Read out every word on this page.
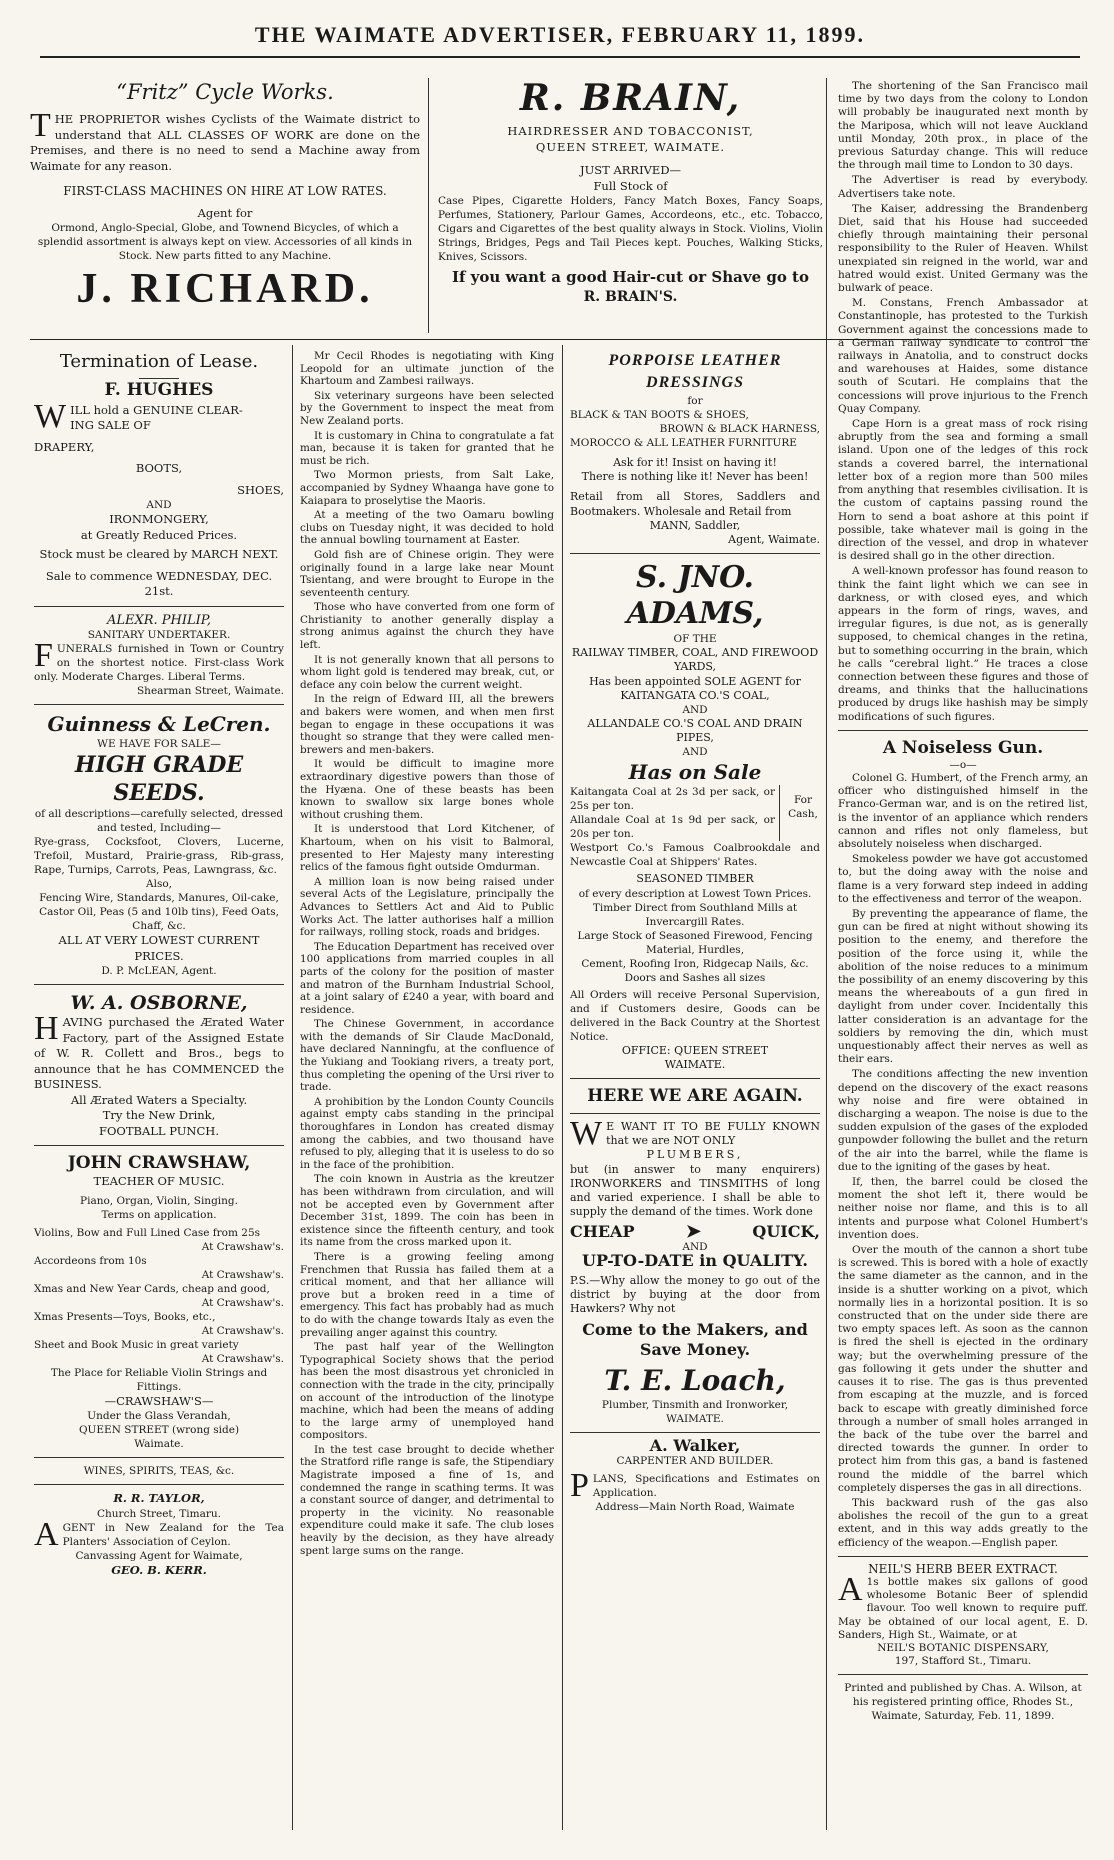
THE WAIMATE ADVERTISER, FEBRUARY 11, 1899.
“Fritz” Cycle Works.
THE PROPRIETOR wishes Cyclists of the Waimate district to understand that ALL CLASSES OF WORK are done on the Premises, and there is no need to send a Machine away from Waimate for any reason.
FIRST-CLASS MACHINES ON HIRE AT LOW RATES.
Agent for
Ormond, Anglo-Special, Globe, and Townend Bicycles, of which a splendid assortment is always kept on view. Accessories of all kinds in Stock. New parts fitted to any Machine.
J. RICHARD.
R. BRAIN,
HAIRDRESSER AND TOBACCONIST,
QUEEN STREET, WAIMATE.
JUST ARRIVED—
Full Stock of
Case Pipes, Cigarette Holders, Fancy Match Boxes, Fancy Soaps, Perfumes, Stationery, Parlour Games, Accordeons, etc., etc. Tobacco, Cigars and Cigarettes of the best quality always in Stock. Violins, Violin Strings, Bridges, Pegs and Tail Pieces kept. Pouches, Walking Sticks, Knives, Scissors.
If you want a good Hair-cut or Shave go to
R. BRAIN'S.

The shortening of the San Francisco mail time by two days from the colony to London will probably be inaugurated next month by the Mariposa, which will not leave Auckland until Monday, 20th prox., in place of the previous Saturday change. This will reduce the through mail time to London to 30 days.

The Advertiser is read by everybody. Advertisers take note.

The Kaiser, addressing the Brandenberg Diet, said that his House had succeeded chiefly through maintaining their personal responsibility to the Ruler of Heaven. Whilst unexpiated sin reigned in the world, war and hatred would exist. United Germany was the bulwark of peace.

M. Constans, French Ambassador at Constantinople, has protested to the Turkish Government against the concessions made to a German railway syndicate to control the railways in Anatolia, and to construct docks and warehouses at Haides, some distance south of Scutari. He complains that the concessions will prove injurious to the French Quay Company.

Cape Horn is a great mass of rock rising abruptly from the sea and forming a small island. Upon one of the ledges of this rock stands a covered barrel, the international letter box of a region more than 500 miles from anything that resembles civilisation. It is the custom of captains passing round the Horn to send a boat ashore at this point if possible, take whatever mail is going in the direction of the vessel, and drop in whatever is desired shall go in the other direction.

A well-known professor has found reason to think the faint light which we can see in darkness, or with closed eyes, and which appears in the form of rings, waves, and irregular figures, is due not, as is generally supposed, to chemical changes in the retina, but to something occurring in the brain, which he calls “cerebral light.” He traces a close connection between these figures and those of dreams, and thinks that the hallucinations produced by drugs like hashish may be simply modifications of such figures.

A Noiseless Gun.
—o—

Colonel G. Humbert, of the French army, an officer who distinguished himself in the Franco-German war, and is on the retired list, is the inventor of an appliance which renders cannon and rifles not only flameless, but absolutely noiseless when discharged.

Smokeless powder we have got accustomed to, but the doing away with the noise and flame is a very forward step indeed in adding to the effectiveness and terror of the weapon.

By preventing the appearance of flame, the gun can be fired at night without showing its position to the enemy, and therefore the position of the force using it, while the abolition of the noise reduces to a minimum the possibility of an enemy discovering by this means the whereabouts of a gun fired in daylight from under cover. Incidentally this latter consideration is an advantage for the soldiers by removing the din, which must unquestionably affect their nerves as well as their ears.

The conditions affecting the new invention depend on the discovery of the exact reasons why noise and fire were obtained in discharging a weapon. The noise is due to the sudden expulsion of the gases of the exploded gunpowder following the bullet and the return of the air into the barrel, while the flame is due to the igniting of the gases by heat.

If, then, the barrel could be closed the moment the shot left it, there would be neither noise nor flame, and this is to all intents and purpose what Colonel Humbert's invention does.

Over the mouth of the cannon a short tube is screwed. This is bored with a hole of exactly the same diameter as the cannon, and in the inside is a shutter working on a pivot, which normally lies in a horizontal position. It is so constructed that on the under side there are two empty spaces left. As soon as the cannon is fired the shell is ejected in the ordinary way; but the overwhelming pressure of the gas following it gets under the shutter and causes it to rise. The gas is thus prevented from escaping at the muzzle, and is forced back to escape with greatly diminished force through a number of small holes arranged in the back of the tube over the barrel and directed towards the gunner. In order to protect him from this gas, a band is fastened round the middle of the barrel which completely disperses the gas in all directions.

This backward rush of the gas also abolishes the recoil of the gun to a great extent, and in this way adds greatly to the efficiency of the weapon.—English paper.

NEIL'S HERB BEER EXTRACT.
A 1s bottle makes six gallons of good wholesome Botanic Beer of splendid flavour. Too well known to require puff. May be obtained of our local agent, E. D. Sanders, High St., Waimate, or at
NEIL'S BOTANIC DISPENSARY,
197, Stafford St., Timaru.
Printed and published by Chas. A. Wilson, at his registered printing office, Rhodes St., Waimate, Saturday, Feb. 11, 1899.
Termination of Lease.
F. HUGHES
WILL hold a GENUINE CLEAR-
ING SALE OF
DRAPERY,
BOOTS,
SHOES,
AND
IRONMONGERY,
at Greatly Reduced Prices.
Stock must be cleared by MARCH NEXT.
Sale to commence WEDNESDAY, DEC. 21st.
ALEXR. PHILIP,
SANITARY UNDERTAKER.
FUNERALS furnished in Town or Country on the shortest notice. First-class Work only. Moderate Charges. Liberal Terms.
Shearman Street, Waimate.
Guinness & LeCren.
WE HAVE FOR SALE—
HIGH GRADE SEEDS.
of all descriptions—carefully selected, dressed and tested, Including—
Rye-grass, Cocksfoot, Clovers, Lucerne, Trefoil, Mustard, Prairie-grass, Rib-grass, Rape, Turnips, Carrots, Peas, Lawngrass, &c.
Also,
Fencing Wire, Standards, Manures, Oil-cake, Castor Oil, Peas (5 and 10lb tins), Feed Oats, Chaff, &c.
ALL AT VERY LOWEST CURRENT PRICES.
D. P. McLEAN, Agent.
W. A. OSBORNE,
HAVING purchased the Ærated Water Factory, part of the Assigned Estate of W. R. Collett and Bros., begs to announce that he has COMMENCED the BUSINESS.
All Ærated Waters a Specialty.
Try the New Drink,
FOOTBALL PUNCH.
JOHN CRAWSHAW,
TEACHER OF MUSIC.
Piano, Organ, Violin, Singing.
Terms on application.
Violins, Bow and Full Lined Case from 25s
At Crawshaw's.
Accordeons from 10s
At Crawshaw's.
Xmas and New Year Cards, cheap and good,
At Crawshaw's.
Xmas Presents—Toys, Books, etc.,
At Crawshaw's.
Sheet and Book Music in great variety
At Crawshaw's.
The Place for Reliable Violin Strings and Fittings.
—CRAWSHAW'S—
Under the Glass Verandah,
QUEEN STREET (wrong side)
Waimate.
WINES, SPIRITS, TEAS, &c.
R. R. TAYLOR,
Church Street, Timaru.
AGENT in New Zealand for the Tea Planters' Association of Ceylon.
Canvassing Agent for Waimate,
GEO. B. KERR.

Mr Cecil Rhodes is negotiating with King Leopold for an ultimate junction of the Khartoum and Zambesi railways.

Six veterinary surgeons have been selected by the Government to inspect the meat from New Zealand ports.

It is customary in China to congratulate a fat man, because it is taken for granted that he must be rich.

Two Mormon priests, from Salt Lake, accompanied by Sydney Whaanga have gone to Kaiapara to proselytise the Maoris.

At a meeting of the two Oamaru bowling clubs on Tuesday night, it was decided to hold the annual bowling tournament at Easter.

Gold fish are of Chinese origin. They were originally found in a large lake near Mount Tsientang, and were brought to Europe in the seventeenth century.

Those who have converted from one form of Christianity to another generally display a strong animus against the church they have left.

It is not generally known that all persons to whom light gold is tendered may break, cut, or deface any coin below the current weight.

In the reign of Edward III, all the brewers and bakers were women, and when men first began to engage in these occupations it was thought so strange that they were called men-brewers and men-bakers.

It would be difficult to imagine more extraordinary digestive powers than those of the Hyæna. One of these beasts has been known to swallow six large bones whole without crushing them.

It is understood that Lord Kitchener, of Khartoum, when on his visit to Balmoral, presented to Her Majesty many interesting relics of the famous fight outside Omdurman.

A million loan is now being raised under several Acts of the Legislature, principally the Advances to Settlers Act and Aid to Public Works Act. The latter authorises half a million for railways, rolling stock, roads and bridges.

The Education Department has received over 100 applications from married couples in all parts of the colony for the position of master and matron of the Burnham Industrial School, at a joint salary of £240 a year, with board and residence.

The Chinese Government, in accordance with the demands of Sir Claude MacDonald, have declared Nanningfu, at the confluence of the Yukiang and Tookiang rivers, a treaty port, thus completing the opening of the Ursi river to trade.

A prohibition by the London County Councils against empty cabs standing in the principal thoroughfares in London has created dismay among the cabbies, and two thousand have refused to ply, alleging that it is useless to do so in the face of the prohibition.

The coin known in Austria as the kreutzer has been withdrawn from circulation, and will not be accepted even by Government after December 31st, 1899. The coin has been in existence since the fifteenth century, and took its name from the cross marked upon it.

There is a growing feeling among Frenchmen that Russia has failed them at a critical moment, and that her alliance will prove but a broken reed in a time of emergency. This fact has probably had as much to do with the change towards Italy as even the prevailing anger against this country.

The past half year of the Wellington Typographical Society shows that the period has been the most disastrous yet chronicled in connection with the trade in the city, principally on account of the introduction of the linotype machine, which had been the means of adding to the large army of unemployed hand compositors.

In the test case brought to decide whether the Stratford rifle range is safe, the Stipendiary Magistrate imposed a fine of 1s, and condemned the range in scathing terms. It was a constant source of danger, and detrimental to property in the vicinity. No reasonable expenditure could make it safe. The club loses heavily by the decision, as they have already spent large sums on the range.

PORPOISE LEATHER DRESSINGS
for
BLACK & TAN BOOTS & SHOES,
BROWN & BLACK HARNESS,
MOROCCO & ALL LEATHER FURNITURE
Ask for it! Insist on having it!
There is nothing like it! Never has been!
Retail from all Stores, Saddlers and Bootmakers. Wholesale and Retail from
MANN, Saddler,
Agent, Waimate.
S. JNO. ADAMS,
OF THE
RAILWAY TIMBER, COAL, AND FIREWOOD YARDS,
Has been appointed SOLE AGENT for KAITANGATA CO.'S COAL,
AND
ALLANDALE CO.'S COAL AND DRAIN PIPES,
AND
Has on Sale
Kaitangata Coal at 2s 3d per sack, or 25s per ton.
Allandale Coal at 1s 9d per sack, or 20s per ton.
For Cash,
Westport Co.'s Famous Coalbrookdale and Newcastle Coal at Shippers' Rates.
SEASONED TIMBER
of every description at Lowest Town Prices.
Timber Direct from Southland Mills at Invercargill Rates.
Large Stock of Seasoned Firewood, Fencing Material, Hurdles,
Cement, Roofing Iron, Ridgecap Nails, &c. Doors and Sashes all sizes
All Orders will receive Personal Supervision, and if Customers desire, Goods can be delivered in the Back Country at the Shortest Notice.
OFFICE: QUEEN STREET
WAIMATE.
HERE WE ARE AGAIN.
W E WANT IT TO BE FULLY KNOWN that we are NOT ONLY
PLUMBERS,
but (in answer to many enquirers) IRONWORKERS and TINSMITHS of long and varied experience. I shall be able to supply the demand of the times. Work done
CHEAP	➤	QUICK,
AND
UP-TO-DATE in QUALITY.
P.S.—Why allow the money to go out of the district by buying at the door from Hawkers? Why not
Come to the Makers, and Save Money.
T. E. Loach,
Plumber, Tinsmith and Ironworker,
WAIMATE.
A. Walker,
CARPENTER AND BUILDER.
PLANS, Specifications and Estimates on Application.
Address—Main North Road, Waimate
